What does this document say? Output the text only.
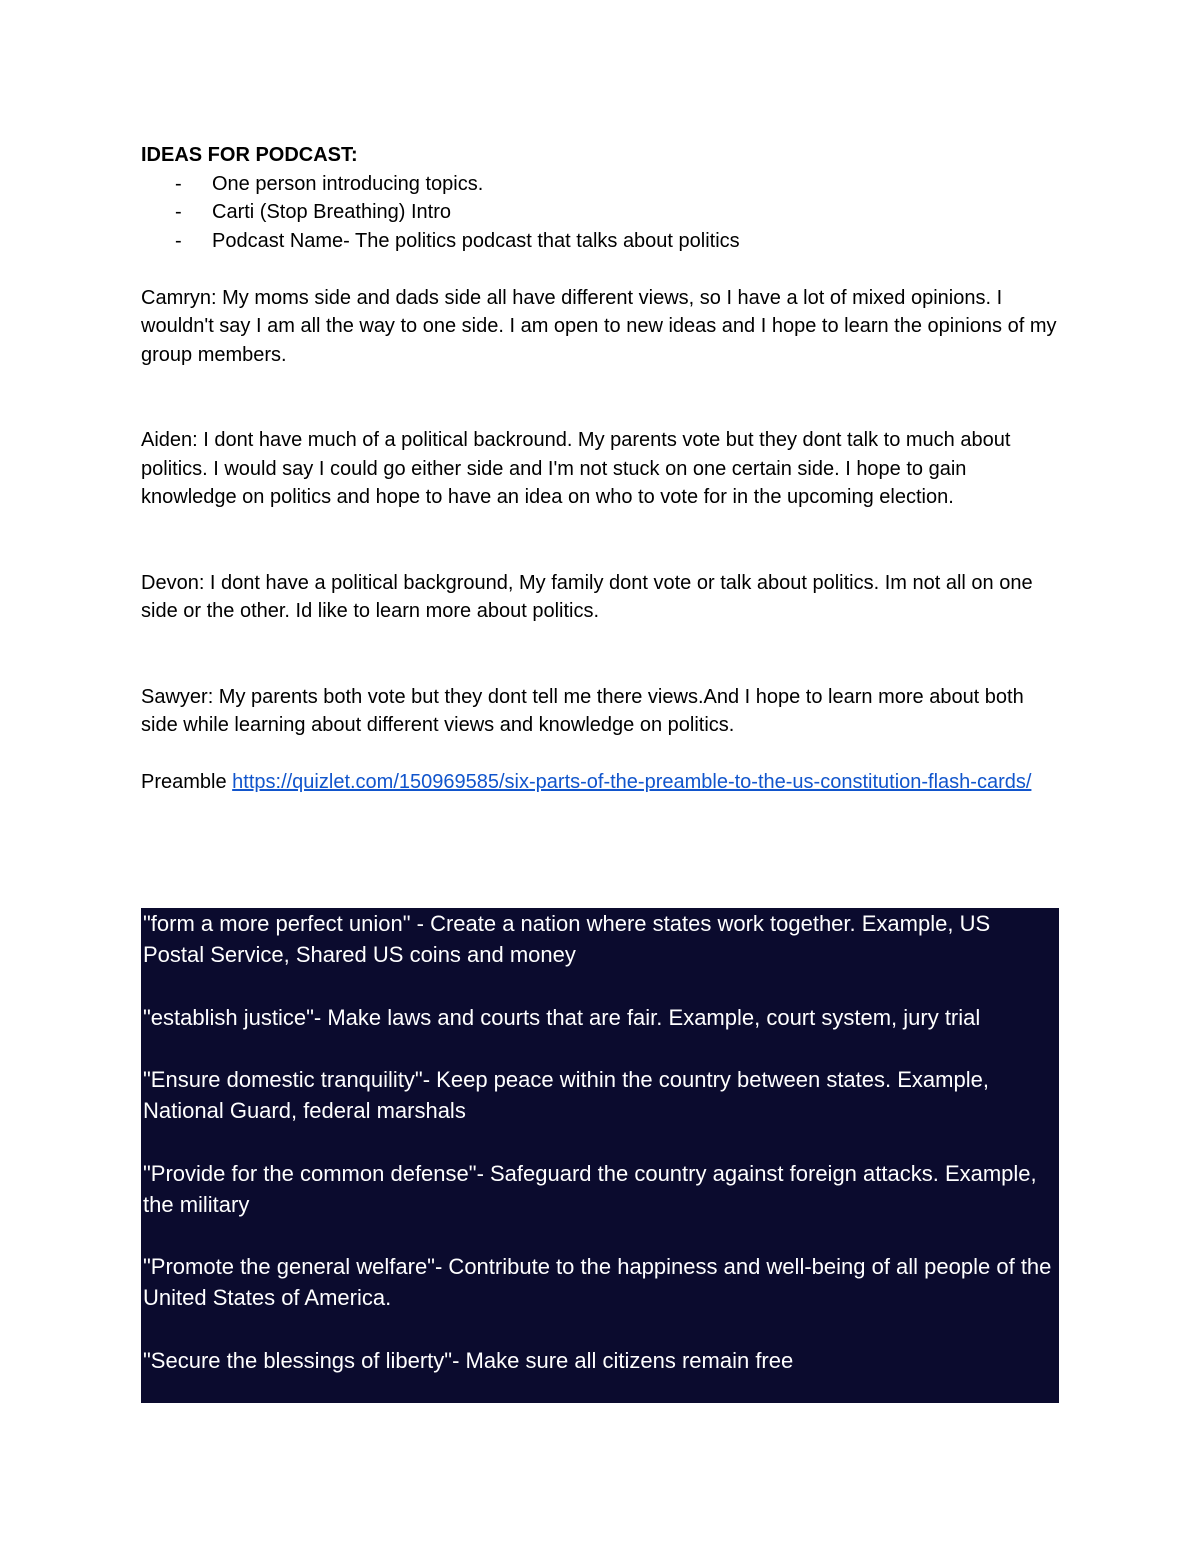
IDEAS FOR PODCAST:

- One person introducing topics.
- Carti (Stop Breathing) Intro
- Podcast Name- The politics podcast that talks about politics

Camryn: My moms side and dads side all have different views, so I have a lot of mixed opinions. I wouldn't say I am all the way to one side. I am open to new ideas and I hope to learn the opinions of my group members.

Aiden: I dont have much of a political backround. My parents vote but they dont talk to much about politics. I would say I could go either side and I'm not stuck on one certain side. I hope to gain knowledge on politics and hope to have an idea on who to vote for in the upcoming election.

Devon: I dont have a political background, My family dont vote or talk about politics. Im not all on one side or the other. Id like to learn more about politics.

Sawyer: My parents both vote but they dont tell me there views.And I hope to learn more about both side while learning about different views and knowledge on politics.

Preamble https://quizlet.com/150969585/six-parts-of-the-preamble-to-the-us-constitution-flash-cards/

"form a more perfect union" - Create a nation where states work together. Example, US Postal Service, Shared US coins and money

"establish justice"- Make laws and courts that are fair. Example, court system, jury trial

"Ensure domestic tranquility"- Keep peace within the country between states. Example, National Guard, federal marshals

"Provide for the common defense"- Safeguard the country against foreign attacks. Example, the military

"Promote the general welfare"- Contribute to the happiness and well-being of all people of the United States of America.

"Secure the blessings of liberty"- Make sure all citizens remain free
